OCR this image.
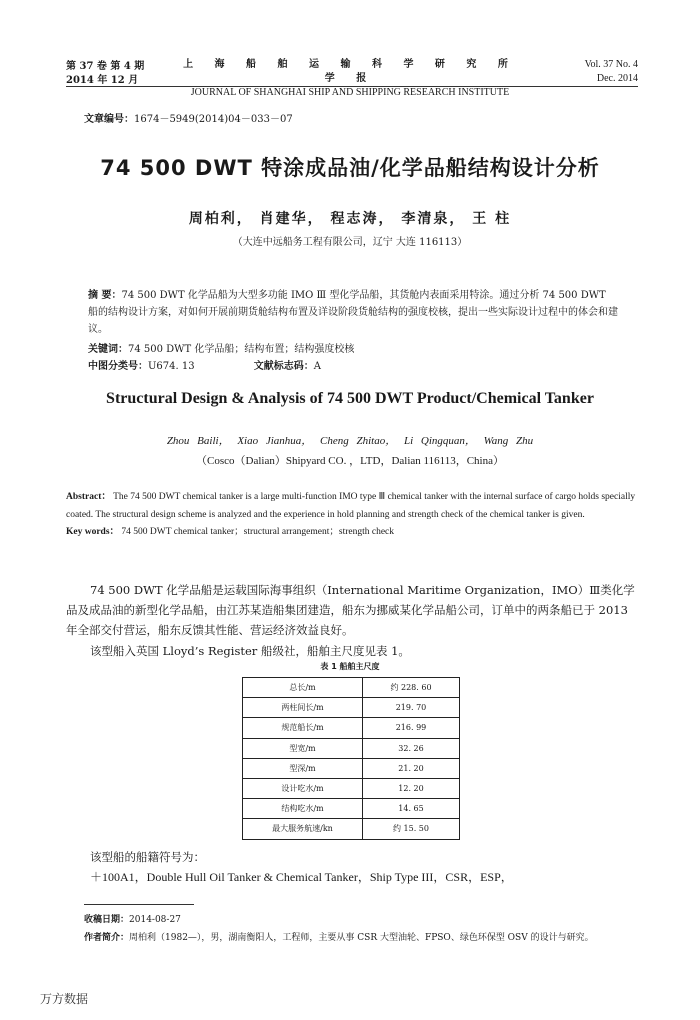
第 37 卷 第 4 期
2014 年 12 月
上 海 船 舶 运 输 科 学 研 究 所 学 报
JOURNAL OF SHANGHAI SHIP AND SHIPPING RESEARCH INSTITUTE
Vol. 37 No. 4
Dec. 2014
文章编号：1674－5949(2014)04－033－07
74 500 DWT 特涂成品油/化学品船结构设计分析
周柏利， 肖建华， 程志涛， 李清泉， 王 柱
（大连中远船务工程有限公司，辽宁 大连 116113）
摘 要：74 500 DWT 化学品船为大型多功能 IMO Ⅲ 型化学品船，其货舱内表面采用特涂。通过分析 74 500 DWT 船的结构设计方案，对如何开展前期货舱结构布置及详设阶段货舱结构的强度校核，提出一些实际设计过程中的体会和建议。
关键词：74 500 DWT 化学品船；结构布置；结构强度校核
中图分类号：U674. 13	文献标志码：A
Structural Design & Analysis of 74 500 DWT Product/Chemical Tanker
Zhou Baili， Xiao Jianhua， Cheng Zhitao， Li Qingquan， Wang Zhu
（Cosco（Dalian）Shipyard CO. ，LTD，Dalian 116113，China）
Abstract： The 74 500 DWT chemical tanker is a large multi-function IMO type Ⅲ chemical tanker with the internal surface of cargo holds specially coated. The structural design scheme is analyzed and the experience in hold planning and strength check of the chemical tanker is given.
Key words： 74 500 DWT chemical tanker；structural arrangement；strength check
74 500 DWT 化学品船是运载国际海事组织（International Maritime Organization，IMO）Ⅲ类化学品及成品油的新型化学品船，由江苏某造船集团建造，船东为挪威某化学品船公司，订单中的两条船已于 2013 年全部交付营运，船东反馈其性能、营运经济效益良好。
该型船入英国 Lloyd’s Register 船级社，船舶主尺度见表 1。
表 1 船舶主尺度
总长/m	约 228. 60
两柱间长/m	219. 70
规范船长/m	216. 99
型宽/m	32. 26
型深/m	21. 20
设计吃水/m	12. 20
结构吃水/m	14. 65
最大服务航速/kn	约 15. 50
该型船的船籍符号为：
＋100A1，Double Hull Oil Tanker & Chemical Tanker，Ship Type III，CSR，ESP，
收稿日期：2014-08-27
作者简介：周柏利（1982—），男，湖南衡阳人，工程师，主要从事 CSR 大型油轮、FPSO、绿色环保型 OSV 的设计与研究。
万方数据
